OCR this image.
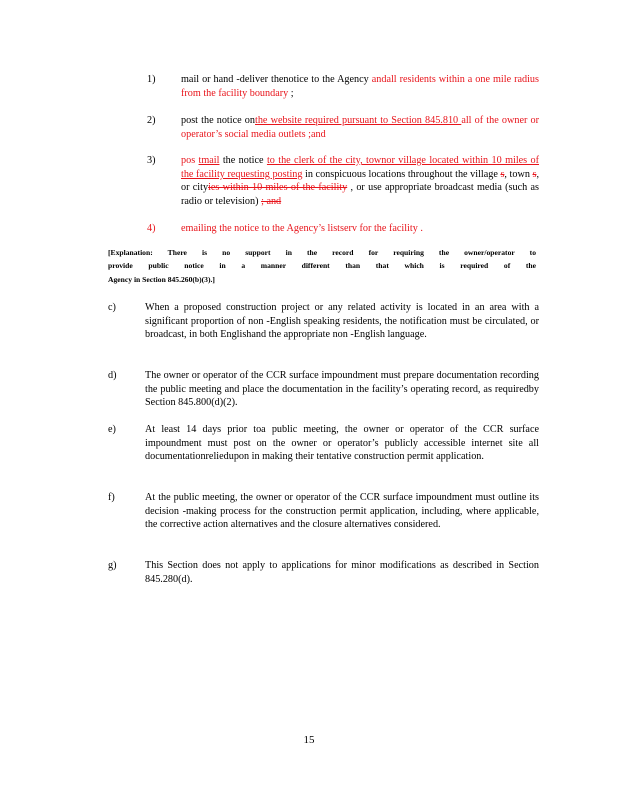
1)	mail or hand -deliver thenotice to the Agency andall residents within a one mile radius from the facility boundary ;
2)	post the notice onthe website required pursuant to Section 845.810 all of the owner or operator’s social media outlets ;and
3)	pos tmail the notice to the clerk of the city, townor village located within 10 miles of the facility requesting posting in conspicuous locations throughout the village s, town s, or cityies within 10 miles of the facility , or use appropriate broadcast media (such as radio or television) ; and
4)	emailing the notice to the Agency’s listserv for the facility .
[Explanation: There is no support in the record for requiring the owner/operator to
provide public notice in a manner different than that which is required of the
Agency in Section 845.260(b)(3).]
c)	When a proposed construction project or any related activity is located in an area with a significant proportion of non -English speaking residents, the notification must be circulated, or broadcast, in both Englishand the appropriate non -English language.
d)	The owner or operator of the CCR surface impoundment must prepare documentation recording the public meeting and place the documentation in the facility’s operating record, as requiredby Section 845.800(d)(2).
e)	At least 14 days prior toa public meeting, the owner or operator of the CCR surface impoundment must post on the owner or operator’s publicly accessible internet site all documentationreliedupon in making their tentative construction permit application.
f)	At the public meeting, the owner or operator of the CCR surface impoundment must outline its decision -making process for the construction permit application, including, where applicable, the corrective action alternatives and the closure alternatives considered.
g)	This Section does not apply to applications for minor modifications as described in Section 845.280(d).
15
